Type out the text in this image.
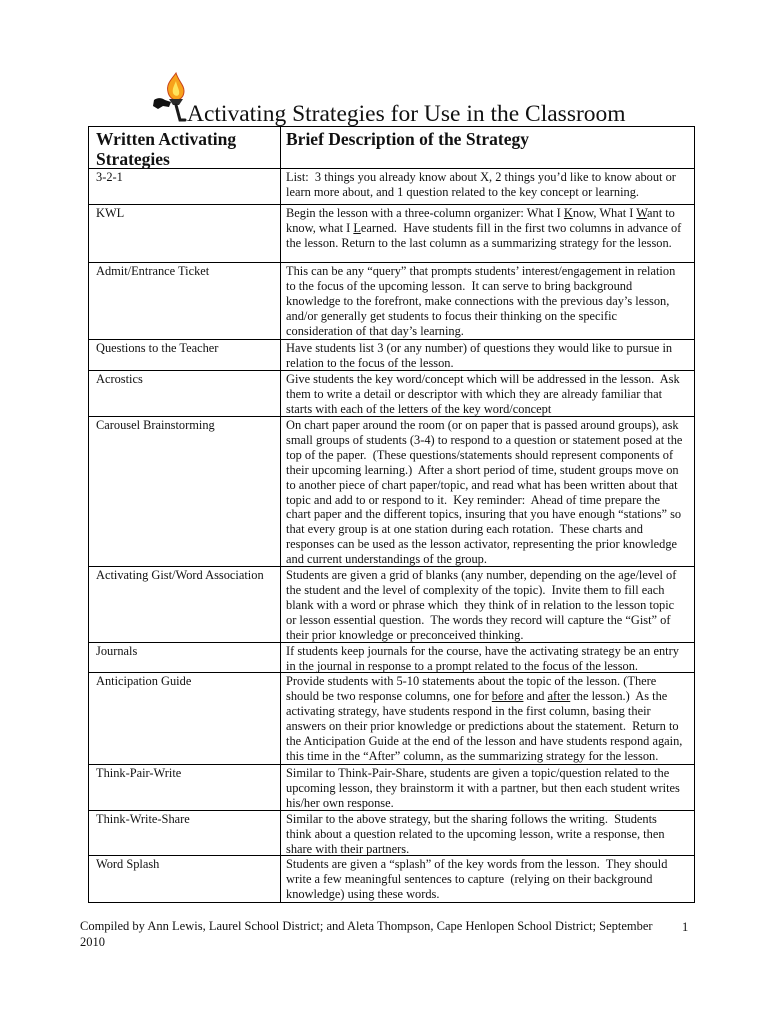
Activating Strategies for Use in the Classroom
Written Activating Strategies
Brief Description of the Strategy
3-2-1	List:  3 things you already know about X, 2 things you’d like to know about or
learn more about, and 1 question related to the key concept or learning.
KWL	Begin the lesson with a three-column organizer: What I Know, What I Want to
know, what I Learned.  Have students fill in the first two columns in advance of
the lesson. Return to the last column as a summarizing strategy for the lesson.
Admit/Entrance Ticket	This can be any “query” that prompts students’ interest/engagement in relation
to the focus of the upcoming lesson.  It can serve to bring background
knowledge to the forefront, make connections with the previous day’s lesson,
and/or generally get students to focus their thinking on the specific
consideration of that day’s learning.
Questions to the Teacher	Have students list 3 (or any number) of questions they would like to pursue in
relation to the focus of the lesson.
Acrostics	Give students the key word/concept which will be addressed in the lesson.  Ask
them to write a detail or descriptor with which they are already familiar that
starts with each of the letters of the key word/concept
Carousel Brainstorming	On chart paper around the room (or on paper that is passed around groups), ask
small groups of students (3-4) to respond to a question or statement posed at the
top of the paper.  (These questions/statements should represent components of
their upcoming learning.)  After a short period of time, student groups move on
to another piece of chart paper/topic, and read what has been written about that
topic and add to or respond to it.  Key reminder:  Ahead of time prepare the
chart paper and the different topics, insuring that you have enough “stations” so
that every group is at one station during each rotation.  These charts and
responses can be used as the lesson activator, representing the prior knowledge
and current understandings of the group.
Activating Gist/Word Association	Students are given a grid of blanks (any number, depending on the age/level of
the student and the level of complexity of the topic).  Invite them to fill each
blank with a word or phrase which  they think of in relation to the lesson topic
or lesson essential question.  The words they record will capture the “Gist” of
their prior knowledge or preconceived thinking.
Journals	If students keep journals for the course, have the activating strategy be an entry
in the journal in response to a prompt related to the focus of the lesson.
Anticipation Guide	Provide students with 5-10 statements about the topic of the lesson. (There
should be two response columns, one for before and after the lesson.)  As the
activating strategy, have students respond in the first column, basing their
answers on their prior knowledge or predictions about the statement.  Return to
the Anticipation Guide at the end of the lesson and have students respond again,
this time in the “After” column, as the summarizing strategy for the lesson.
Think-Pair-Write	Similar to Think-Pair-Share, students are given a topic/question related to the
upcoming lesson, they brainstorm it with a partner, but then each student writes
his/her own response.
Think-Write-Share	Similar to the above strategy, but the sharing follows the writing.  Students
think about a question related to the upcoming lesson, write a response, then
share with their partners.
Word Splash	Students are given a “splash” of the key words from the lesson.  They should
write a few meaningful sentences to capture  (relying on their background
knowledge) using these words.
Compiled by Ann Lewis, Laurel School District; and Aleta Thompson, Cape Henlopen School District; September
2010
1
